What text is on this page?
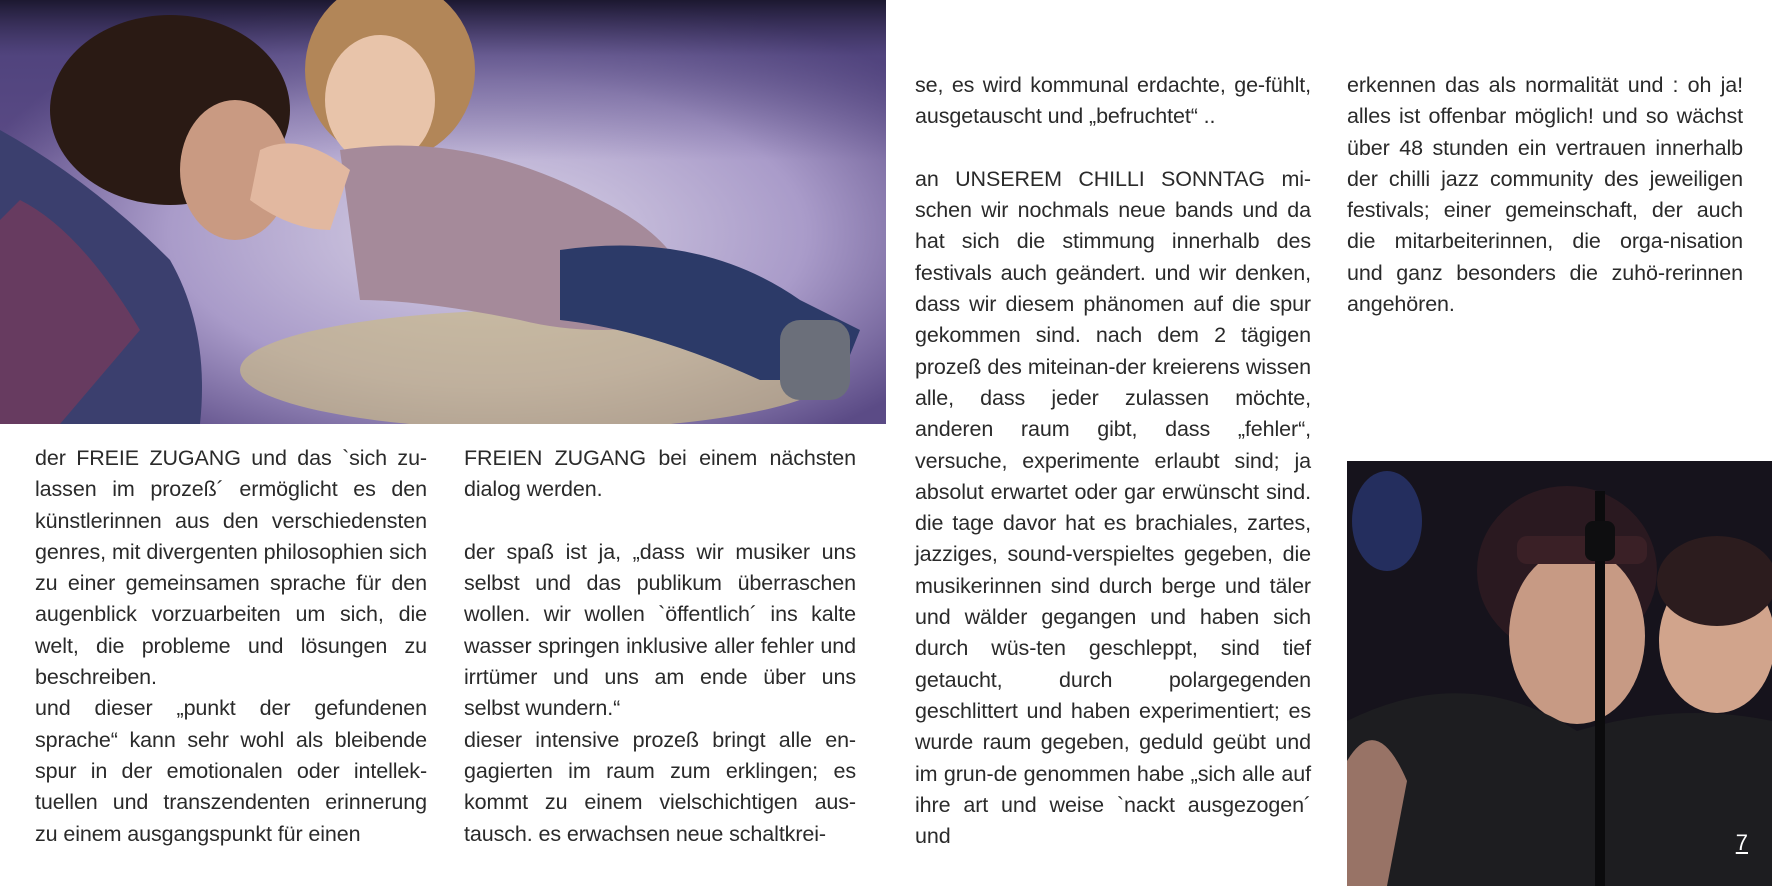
der FREIE ZUGANG und das `sich zu-lassen im prozeß´ ermöglicht es den künstlerinnen aus den verschiedensten genres, mit divergenten philosophien sich zu einer gemeinsamen sprache für den augenblick vorzuarbeiten um sich, die welt, die probleme und lösungen zu beschreiben.

und dieser „punkt der gefundenen sprache“ kann sehr wohl als bleibende spur in der emotionalen oder intellek-tuellen und transzendenten erinnerung zu einem ausgangspunkt für einen

FREIEN ZUGANG bei einem nächsten dialog werden.

der spaß ist ja, „dass wir musiker uns selbst und das publikum überraschen wollen. wir wollen `öffentlich´ ins kalte wasser springen inklusive aller fehler und irrtümer und uns am ende über uns selbst wundern.“

dieser intensive prozeß bringt alle en-gagierten im raum zum erklingen; es kommt zu einem vielschichtigen aus-tausch. es erwachsen neue schaltkrei-

se, es wird kommunal erdachte, ge-fühlt, ausgetauscht und „befruchtet“ ..

an UNSEREM CHILLI SONNTAG mi-schen wir nochmals neue bands und da hat sich die stimmung innerhalb des festivals auch geändert. und wir denken, dass wir diesem phänomen auf die spur gekommen sind. nach dem 2 tägigen prozeß des miteinan-der kreierens wissen alle, dass jeder zulassen möchte, anderen raum gibt, dass „fehler“, versuche, experimente erlaubt sind; ja absolut erwartet oder gar erwünscht sind. die tage davor hat es brachiales, zartes, jazziges, sound-verspieltes gegeben, die musikerinnen sind durch berge und täler und wälder gegangen und haben sich durch wüs-ten geschleppt, sind tief getaucht, durch polargegenden geschlittert und haben experimentiert; es wurde raum gegeben, geduld geübt und im grun-de genommen habe „sich alle auf ihre art und weise `nackt ausgezogen´ und

erkennen das als normalität und : oh ja! alles ist offenbar möglich! und so wächst über 48 stunden ein vertrauen innerhalb der chilli jazz community des jeweiligen festivals; einer gemeinschaft, der auch die mitarbeiterinnen, die orga-nisation und ganz besonders die zuhö-rerinnen angehören.

7
